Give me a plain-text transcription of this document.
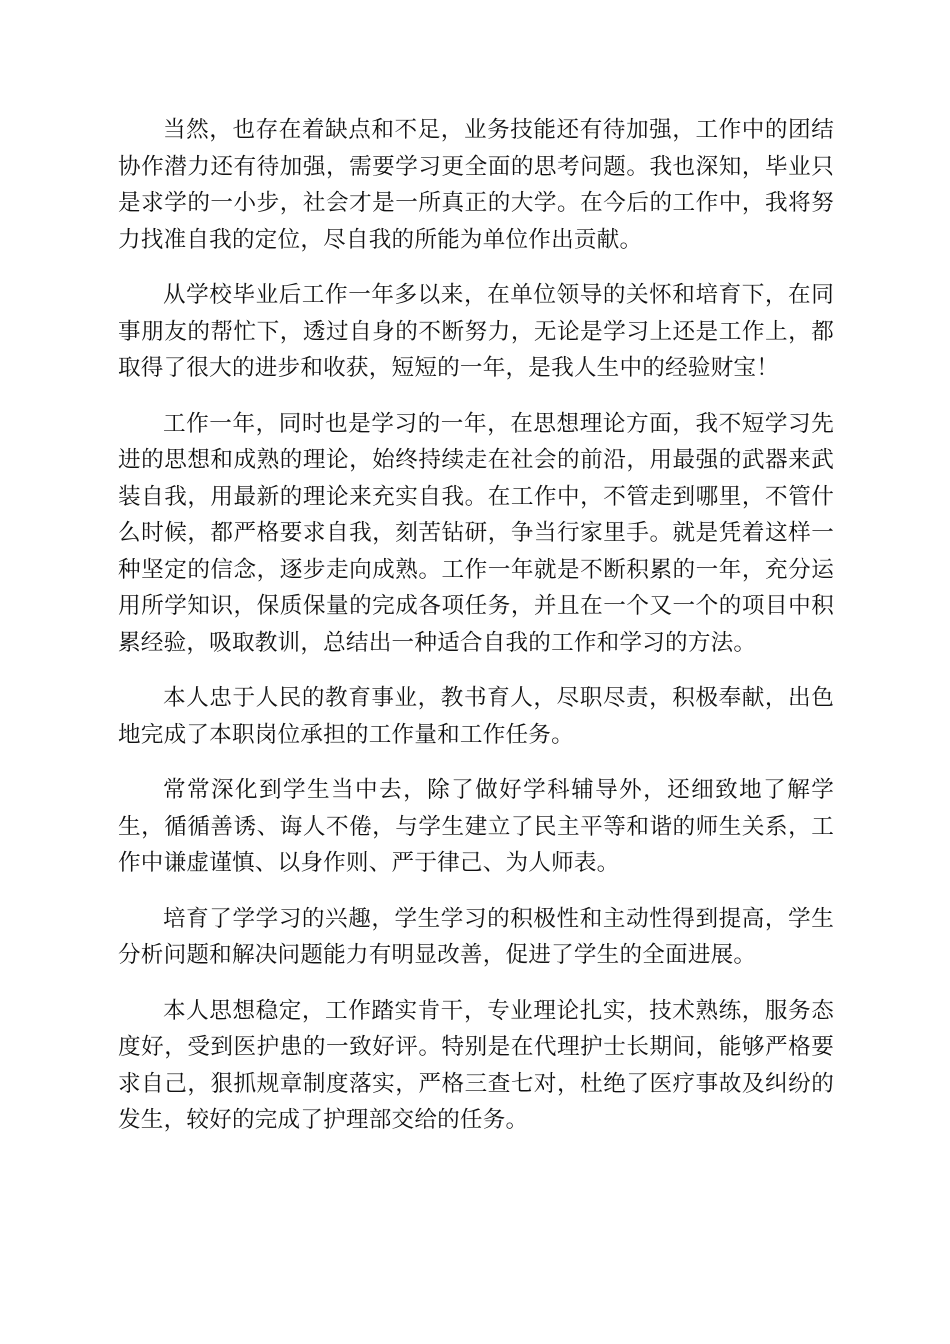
当然，也存在着缺点和不足，业务技能还有待加强，工作中的团结协作潜力还有待加强，需要学习更全面的思考问题。我也深知，毕业只是求学的一小步，社会才是一所真正的大学。在今后的工作中，我将努力找准自我的定位，尽自我的所能为单位作出贡献。

从学校毕业后工作一年多以来，在单位领导的关怀和培育下，在同事朋友的帮忙下，透过自身的不断努力，无论是学习上还是工作上，都取得了很大的进步和收获，短短的一年，是我人生中的经验财宝！

工作一年，同时也是学习的一年，在思想理论方面，我不短学习先进的思想和成熟的理论，始终持续走在社会的前沿，用最强的武器来武装自我，用最新的理论来充实自我。在工作中，不管走到哪里，不管什么时候，都严格要求自我，刻苦钻研，争当行家里手。就是凭着这样一种坚定的信念，逐步走向成熟。工作一年就是不断积累的一年，充分运用所学知识，保质保量的完成各项任务，并且在一个又一个的项目中积累经验，吸取教训，总结出一种适合自我的工作和学习的方法。

本人忠于人民的教育事业，教书育人，尽职尽责，积极奉献，出色地完成了本职岗位承担的工作量和工作任务。

常常深化到学生当中去，除了做好学科辅导外，还细致地了解学生，循循善诱、诲人不倦，与学生建立了民主平等和谐的师生关系，工作中谦虚谨慎、以身作则、严于律己、为人师表。

培育了学学习的兴趣，学生学习的积极性和主动性得到提高，学生分析问题和解决问题能力有明显改善，促进了学生的全面进展。

本人思想稳定，工作踏实肯干，专业理论扎实，技术熟练，服务态度好，受到医护患的一致好评。特别是在代理护士长期间，能够严格要求自己，狠抓规章制度落实，严格三查七对，杜绝了医疗事故及纠纷的发生，较好的完成了护理部交给的任务。
